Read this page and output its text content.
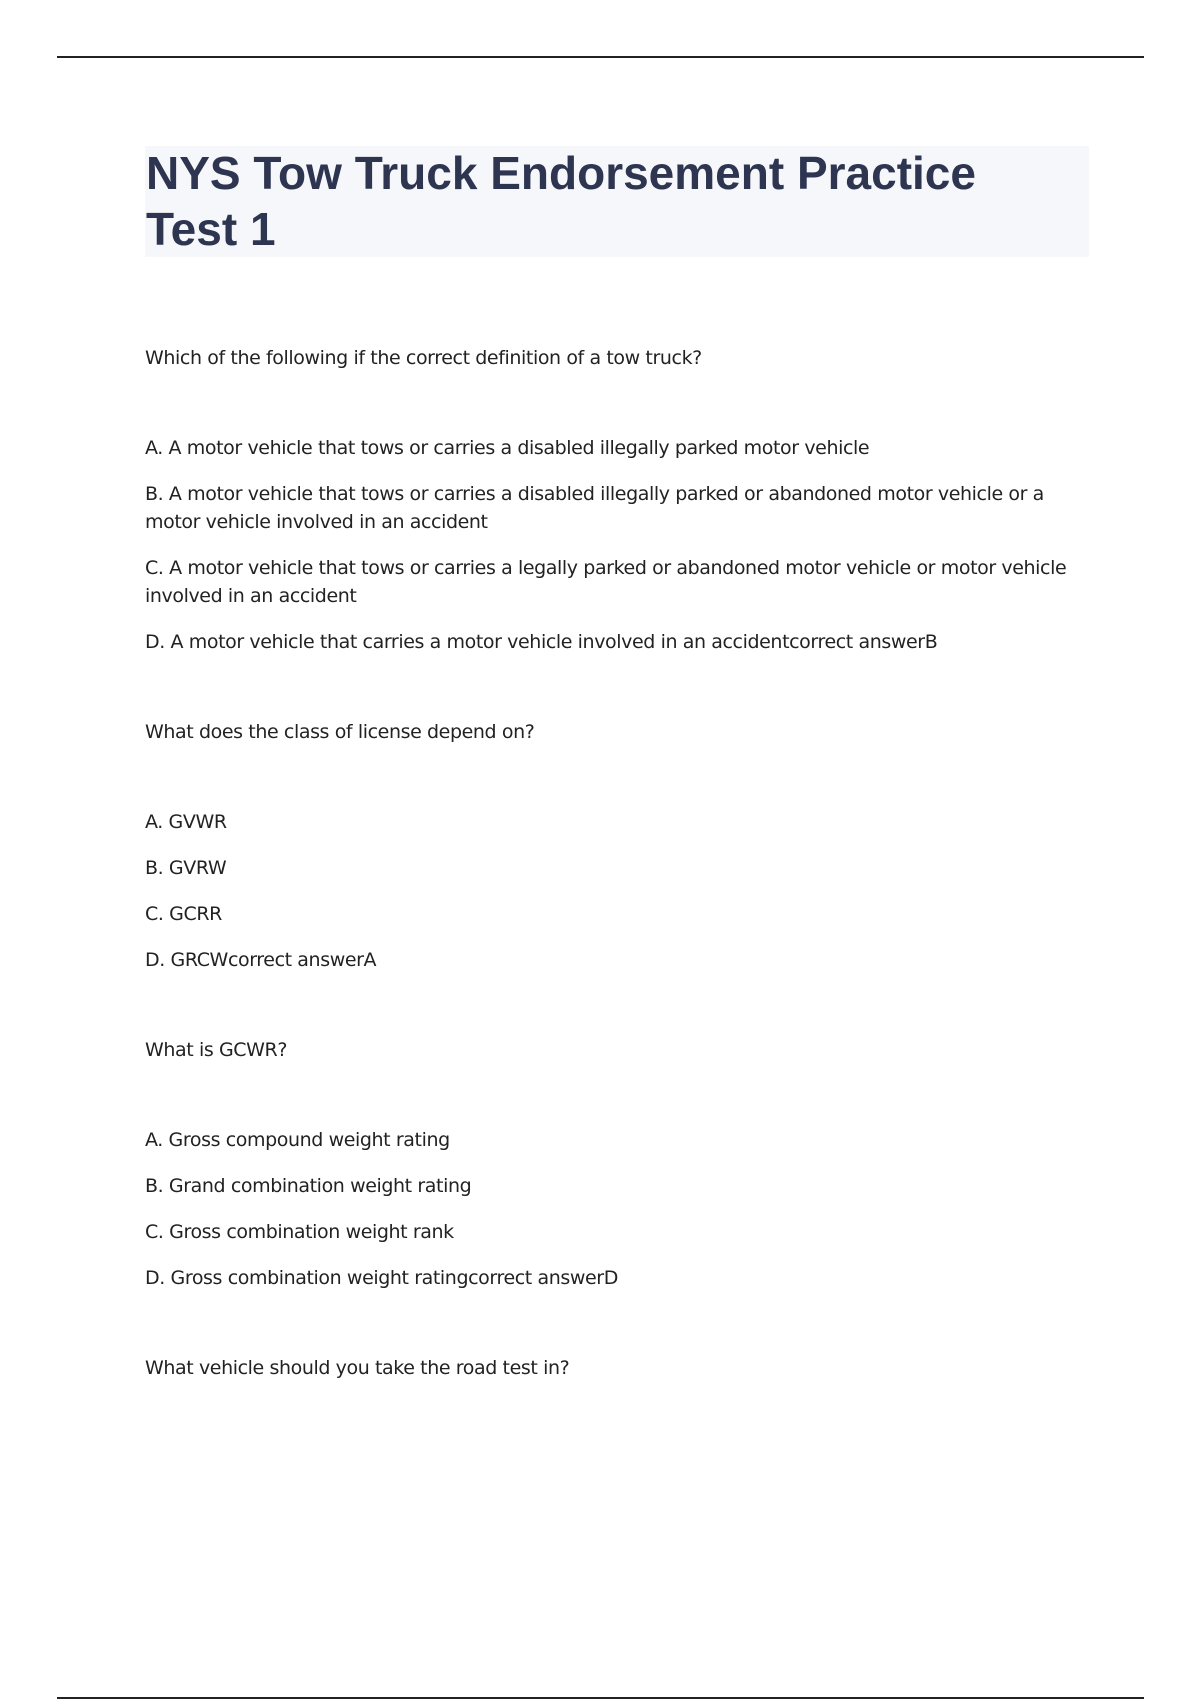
NYS Tow Truck Endorsement Practice Test 1

Which of the following if the correct definition of a tow truck?

A. A motor vehicle that tows or carries a disabled illegally parked motor vehicle

B. A motor vehicle that tows or carries a disabled illegally parked or abandoned motor vehicle or a motor vehicle involved in an accident

C. A motor vehicle that tows or carries a legally parked or abandoned motor vehicle or motor vehicle involved in an accident

D. A motor vehicle that carries a motor vehicle involved in an accidentcorrect answerB

What does the class of license depend on?

A. GVWR

B. GVRW

C. GCRR

D. GRCWcorrect answerA

What is GCWR?

A. Gross compound weight rating

B. Grand combination weight rating

C. Gross combination weight rank

D. Gross combination weight ratingcorrect answerD

What vehicle should you take the road test in?
